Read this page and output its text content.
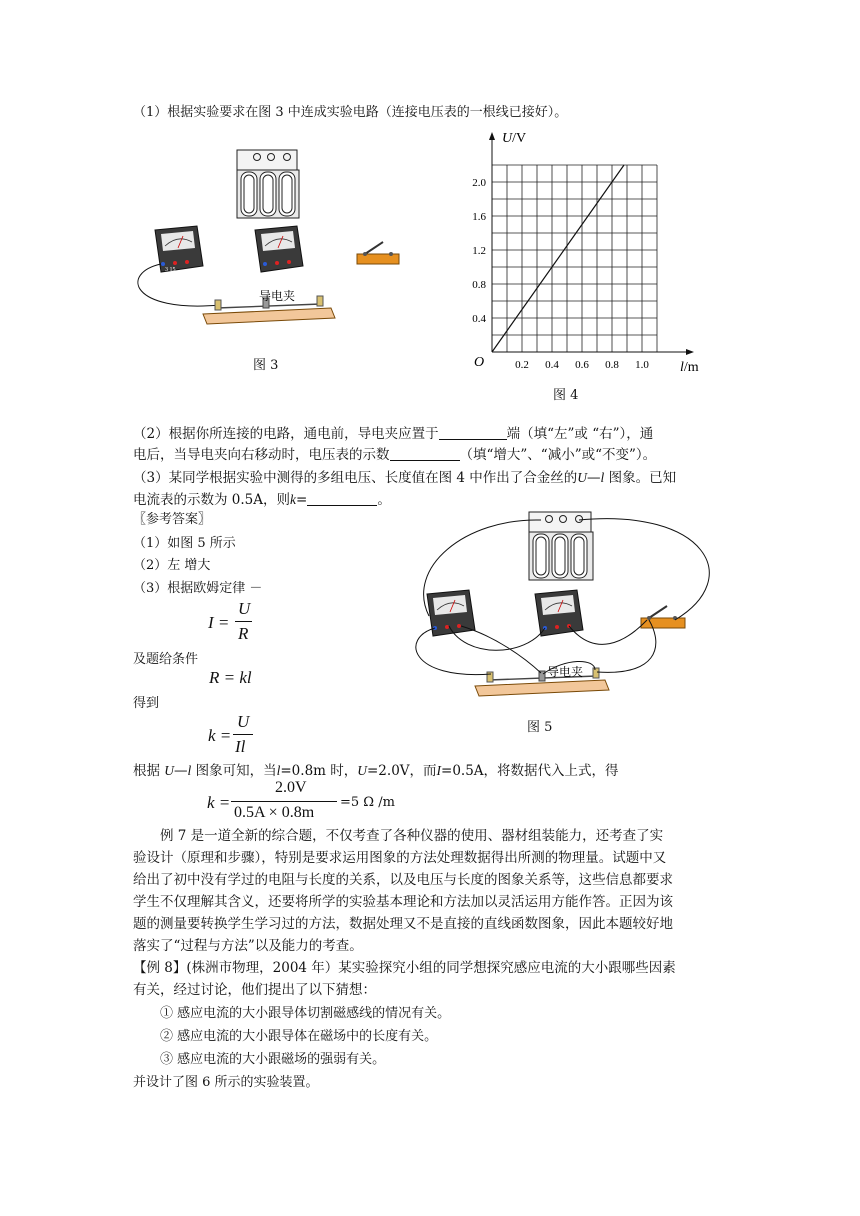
（1）根据实验要求在图 3 中连成实验电路（连接电压表的一根线已接好）。
3 15
导电夹
图 3	0.2 0.4 0.6 0.8 1.0
0.4
0.8
1.2
1.6
2.0
U/V
l/m
O
图 4
（2）根据你所连接的电路，通电前，导电夹应置于	端（填“左”或 “右”），通
电后，当导电夹向右移动时，电压表的示数	（填“增大”、“减小”或“不变”）。
（3）某同学根据实验中测得的多组电压、长度值在图 4 中作出了合金丝的U—l 图象。已知
电流表的示数为 0.5A，则k=	。
〖参考答案〗
（1）如图 5 所示
（2）左 增大
（3）根据欧姆定律 －
I =
U
R
及题给条件
R = kl
得到
k =
U
Il
根据 U—l 图象可知，当l=0.8m 时，U=2.0V，而I=0.5A，将数据代入上式，得
k =
2.0V
0.5A × 0.8m
=5 Ω /m
导电夹
图 5
例 7 是一道全新的综合题，不仅考查了各种仪器的使用、器材组装能力，还考查了实
验设计（原理和步骤），特别是要求运用图象的方法处理数据得出所测的物理量。试题中又
给出了初中没有学过的电阻与长度的关系，以及电压与长度的图象关系等，这些信息都要求
学生不仅理解其含义，还要将所学的实验基本理论和方法加以灵活运用方能作答。正因为该
题的测量要转换学生学习过的方法，数据处理又不是直接的直线函数图象，因此本题较好地
落实了“过程与方法”以及能力的考查。
【例 8】(株洲市物理，2004 年）某实验探究小组的同学想探究感应电流的大小跟哪些因素
有关，经过讨论，他们提出了以下猜想：
① 感应电流的大小跟导体切割磁感线的情况有关。
② 感应电流的大小跟导体在磁场中的长度有关。
③ 感应电流的大小跟磁场的强弱有关。
并设计了图 6 所示的实验装置。
